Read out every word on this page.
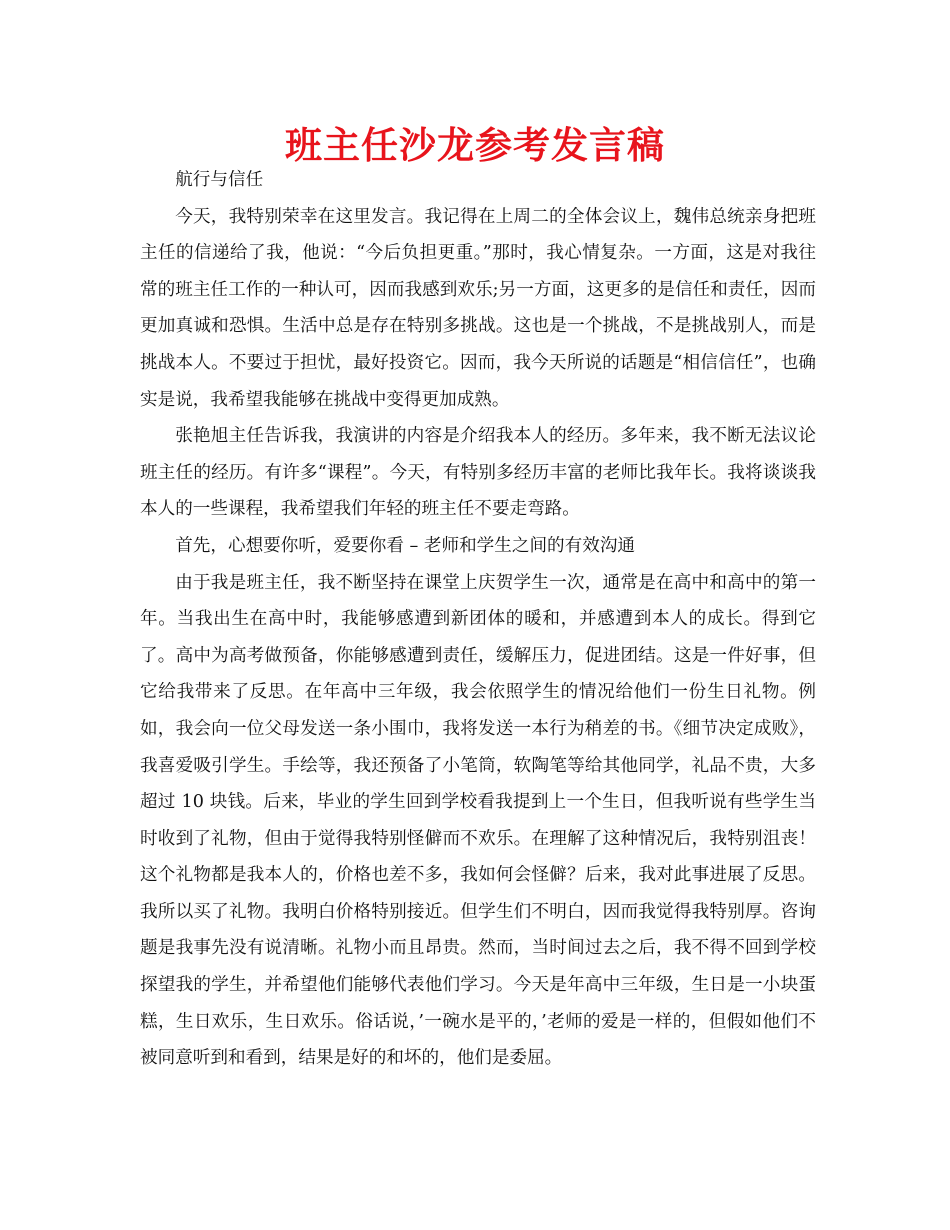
班主任沙龙参考发言稿

航行与信任

今天，我特别荣幸在这里发言。我记得在上周二的全体会议上，魏伟总统亲身把班主任的信递给了我，他说：“今后负担更重。”那时，我心情复杂。一方面，这是对我往常的班主任工作的一种认可，因而我感到欢乐;另一方面，这更多的是信任和责任，因而更加真诚和恐惧。生活中总是存在特别多挑战。这也是一个挑战，不是挑战别人，而是挑战本人。不要过于担忧，最好投资它。因而，我今天所说的话题是“相信信任”，也确实是说，我希望我能够在挑战中变得更加成熟。

张艳旭主任告诉我，我演讲的内容是介绍我本人的经历。多年来，我不断无法议论班主任的经历。有许多“课程”。今天，有特别多经历丰富的老师比我年长。我将谈谈我本人的一些课程，我希望我们年轻的班主任不要走弯路。

首先，心想要你听，爱要你看 – 老师和学生之间的有效沟通

由于我是班主任，我不断坚持在课堂上庆贺学生一次，通常是在高中和高中的第一年。当我出生在高中时，我能够感遭到新团体的暖和，并感遭到本人的成长。得到它了。高中为高考做预备，你能够感遭到责任，缓解压力，促进团结。这是一件好事，但它给我带来了反思。在年高中三年级，我会依照学生的情况给他们一份生日礼物。例如，我会向一位父母发送一条小围巾，我将发送一本行为稍差的书。《细节决定成败》，我喜爱吸引学生。手绘等，我还预备了小笔筒，软陶笔等给其他同学，礼品不贵，大多超过 10 块钱。后来，毕业的学生回到学校看我提到上一个生日，但我听说有些学生当时收到了礼物，但由于觉得我特别怪僻而不欢乐。在理解了这种情况后，我特别沮丧！这个礼物都是我本人的，价格也差不多，我如何会怪僻？后来，我对此事进展了反思。我所以买了礼物。我明白价格特别接近。但学生们不明白，因而我觉得我特别厚。咨询题是我事先没有说清晰。礼物小而且昂贵。然而，当时间过去之后，我不得不回到学校探望我的学生，并希望他们能够代表他们学习。今天是年高中三年级，生日是一小块蛋糕，生日欢乐，生日欢乐。俗话说，’一碗水是平的，’老师的爱是一样的，但假如他们不被同意听到和看到，结果是好的和坏的，他们是委屈。
